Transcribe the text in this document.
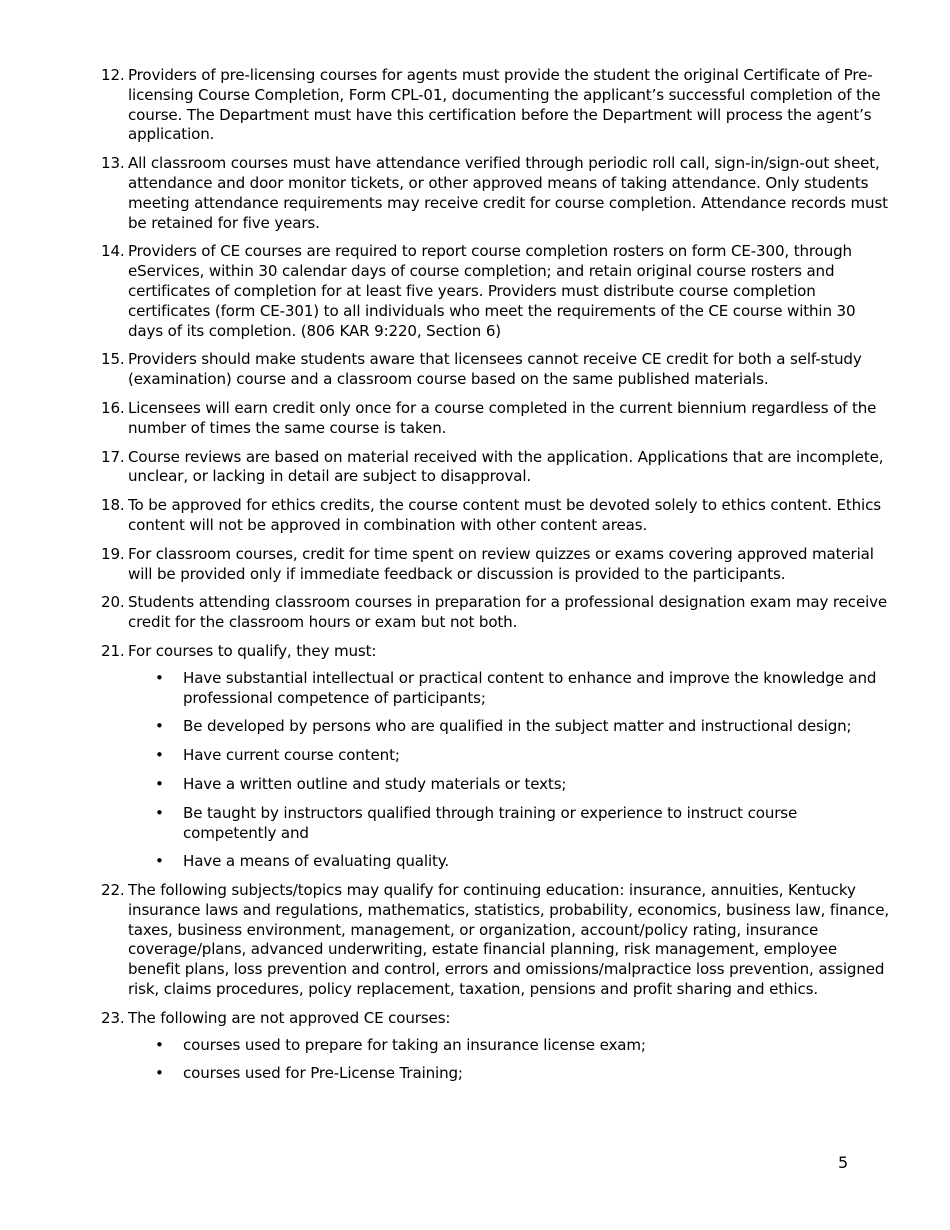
12. Providers of pre-licensing courses for agents must provide the student the original Certificate of Pre-licensing Course Completion, Form CPL-01, documenting the applicant’s successful completion of the course. The Department must have this certification before the Department will process the agent’s application.
13. All classroom courses must have attendance verified through periodic roll call, sign-in/sign-out sheet, attendance and door monitor tickets, or other approved means of taking attendance. Only students meeting attendance requirements may receive credit for course completion. Attendance records must be retained for five years.
14. Providers of CE courses are required to report course completion rosters on form CE-300, through eServices, within 30 calendar days of course completion; and retain original course rosters and certificates of completion for at least five years. Providers must distribute course completion certificates (form CE-301) to all individuals who meet the requirements of the CE course within 30 days of its completion. (806 KAR 9:220, Section 6)
15. Providers should make students aware that licensees cannot receive CE credit for both a self-study (examination) course and a classroom course based on the same published materials.
16. Licensees will earn credit only once for a course completed in the current biennium regardless of the number of times the same course is taken.
17. Course reviews are based on material received with the application. Applications that are incomplete, unclear, or lacking in detail are subject to disapproval.
18. To be approved for ethics credits, the course content must be devoted solely to ethics content. Ethics content will not be approved in combination with other content areas.
19. For classroom courses, credit for time spent on review quizzes or exams covering approved material will be provided only if immediate feedback or discussion is provided to the participants.
20. Students attending classroom courses in preparation for a professional designation exam may receive credit for the classroom hours or exam but not both.
21. For courses to qualify, they must:
• Have substantial intellectual or practical content to enhance and improve the knowledge and professional competence of participants;
• Be developed by persons who are qualified in the subject matter and instructional design;
• Have current course content;
• Have a written outline and study materials or texts;
• Be taught by instructors qualified through training or experience to instruct course competently and
• Have a means of evaluating quality.
22. The following subjects/topics may qualify for continuing education: insurance, annuities, Kentucky insurance laws and regulations, mathematics, statistics, probability, economics, business law, finance, taxes, business environment, management, or organization, account/policy rating, insurance coverage/plans, advanced underwriting, estate financial planning, risk management, employee benefit plans, loss prevention and control, errors and omissions/malpractice loss prevention, assigned risk, claims procedures, policy replacement, taxation, pensions and profit sharing and ethics.
23. The following are not approved CE courses:
• courses used to prepare for taking an insurance license exam;
• courses used for Pre-License Training;
5
